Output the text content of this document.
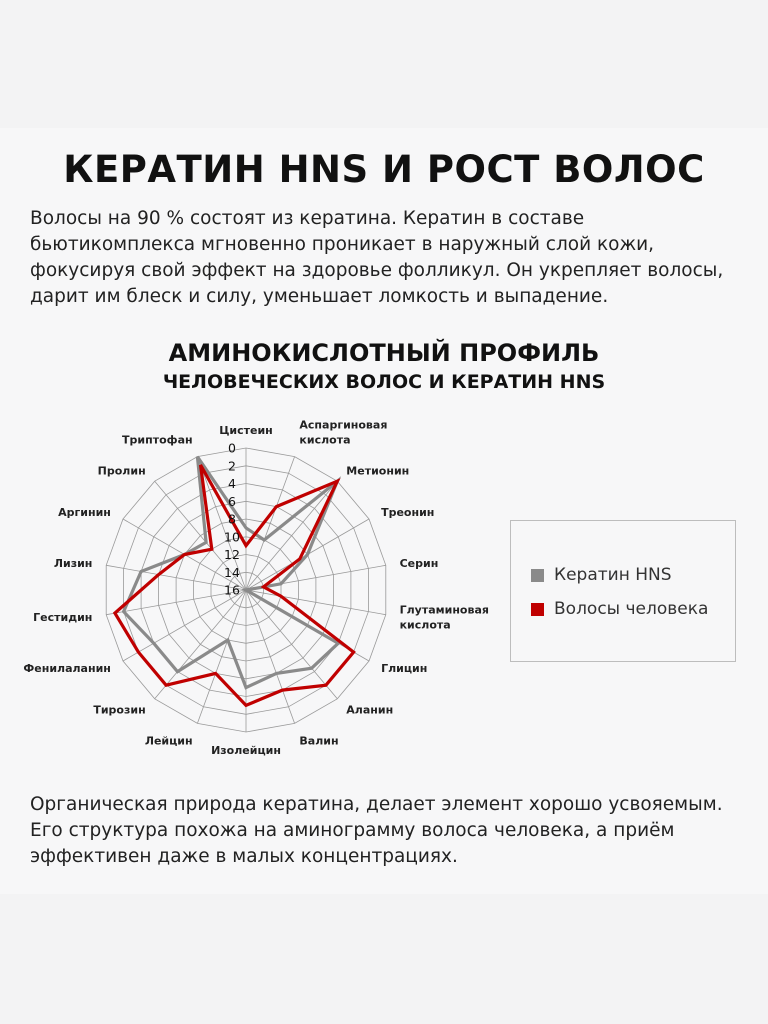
КЕРАТИН HNS И РОСТ ВОЛОС
Волосы на 90 % состоят из кератина. Кератин в составе бьютикомплекса мгновенно проникает в наружный слой кожи, фокусируя свой эффект на здоровье фолликул. Он укрепляет волосы, дарит им блеск и силу, уменьшает ломкость и выпадение.
АМИНОКИСЛОТНЫЙ ПРОФИЛЬ
ЧЕЛОВЕЧЕСКИХ ВОЛОС И КЕРАТИН HNS
0
2
4
6
8
10
12
14
16
Цистеин Аспаргиновая кислота
Метионин
Треонин
Серин
Глутаминовая кислота
Глицин
Аланин
Валин
Изолейцин
Лейцин
Тирозин
Фенилаланин
Гестидин
Лизин
Аргинин
Пролин
Триптофан
Кератин HNS
Волосы человека
Органическая природа кератина, делает элемент хорошо усвояемым. Его структура похожа на аминограмму волоса человека, а приём эффективен даже в малых концентрациях.
